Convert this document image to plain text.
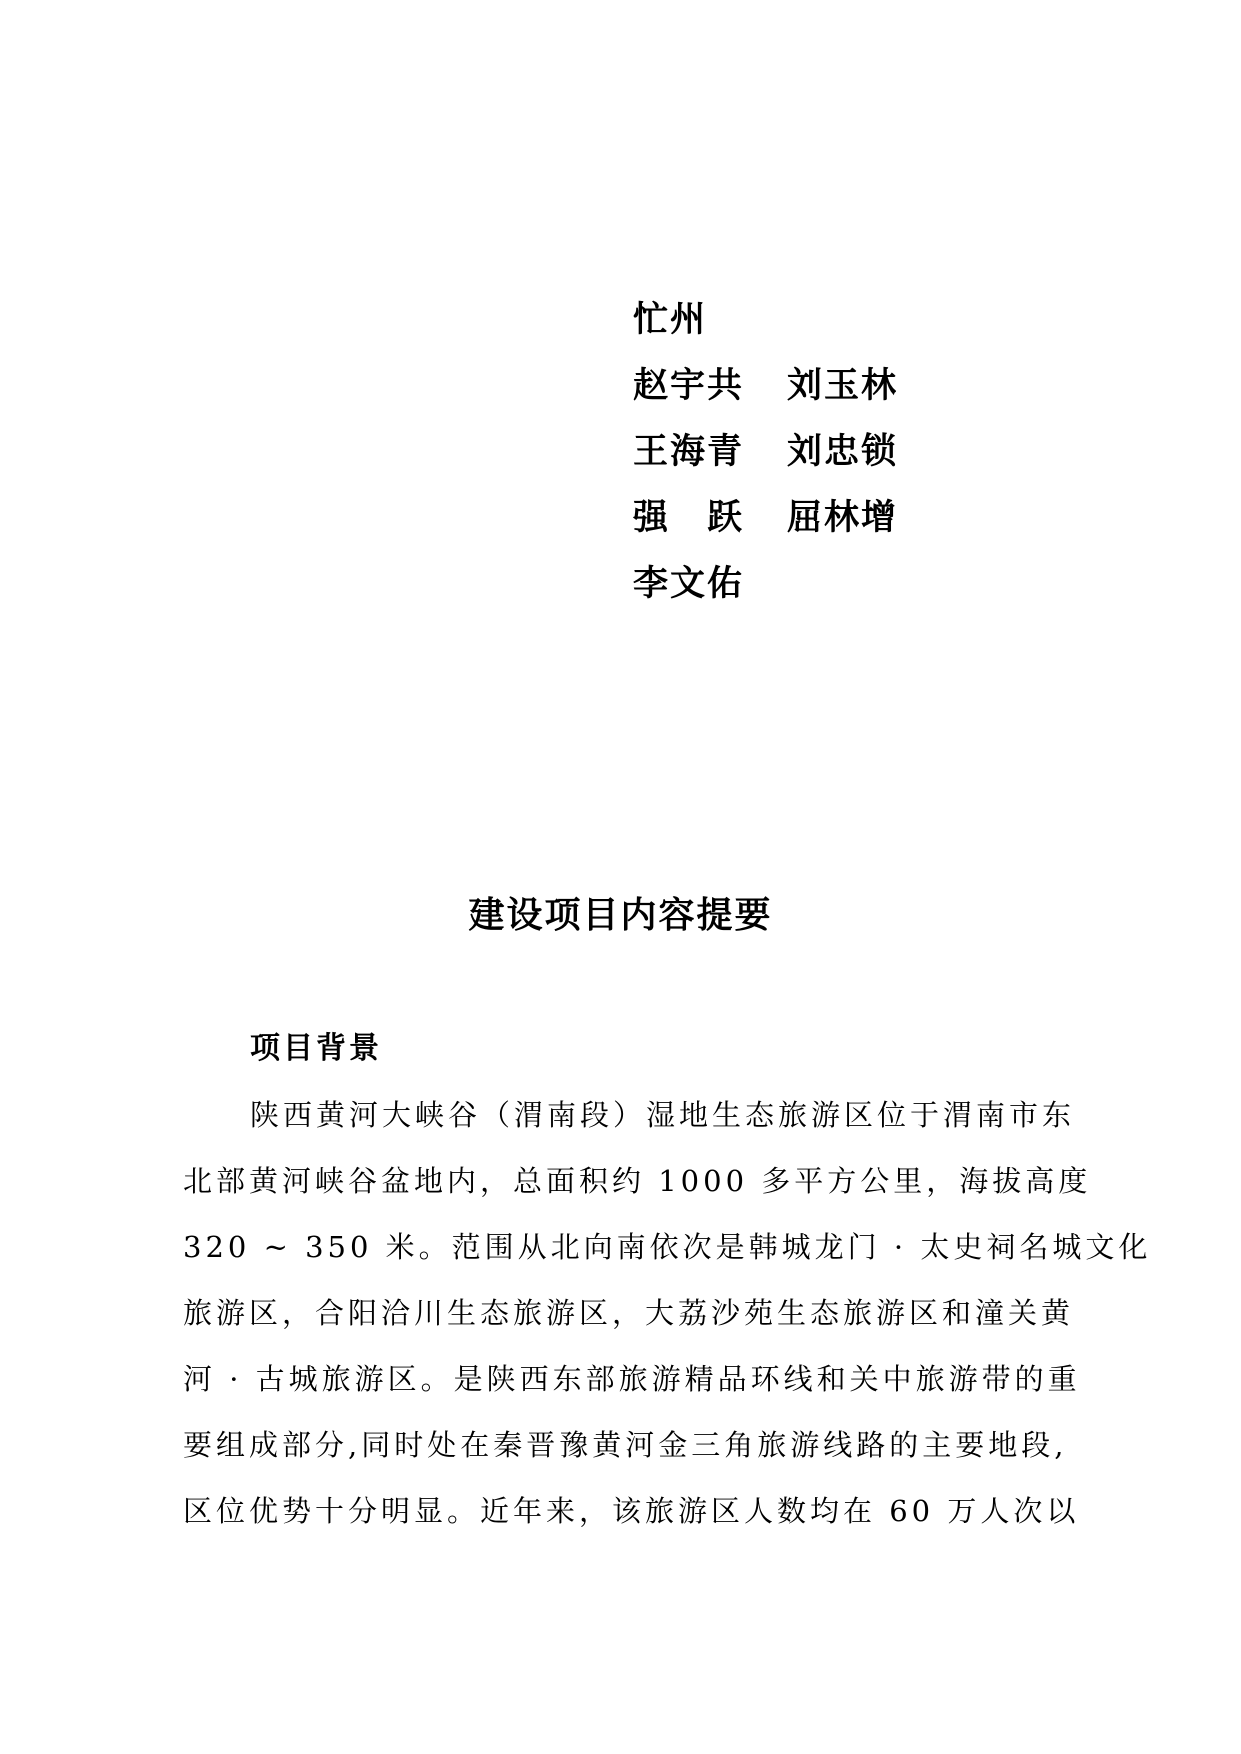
忙州
赵宇共 刘玉林
王海青 刘忠锁
强　跃 屈林增
李文佑
建设项目内容提要
项目背景
陕西黄河大峡谷（渭南段）湿地生态旅游区位于渭南市东
北部黄河峡谷盆地内，总面积约 1000 多平方公里，海拔高度
320 ~ 350 米。范围从北向南依次是韩城龙门 · 太史祠名城文化
旅游区，合阳洽川生态旅游区，大荔沙苑生态旅游区和潼关黄
河 · 古城旅游区。是陕西东部旅游精品环线和关中旅游带的重
要组成部分,同时处在秦晋豫黄河金三角旅游线路的主要地段,
区位优势十分明显。近年来，该旅游区人数均在 60 万人次以
